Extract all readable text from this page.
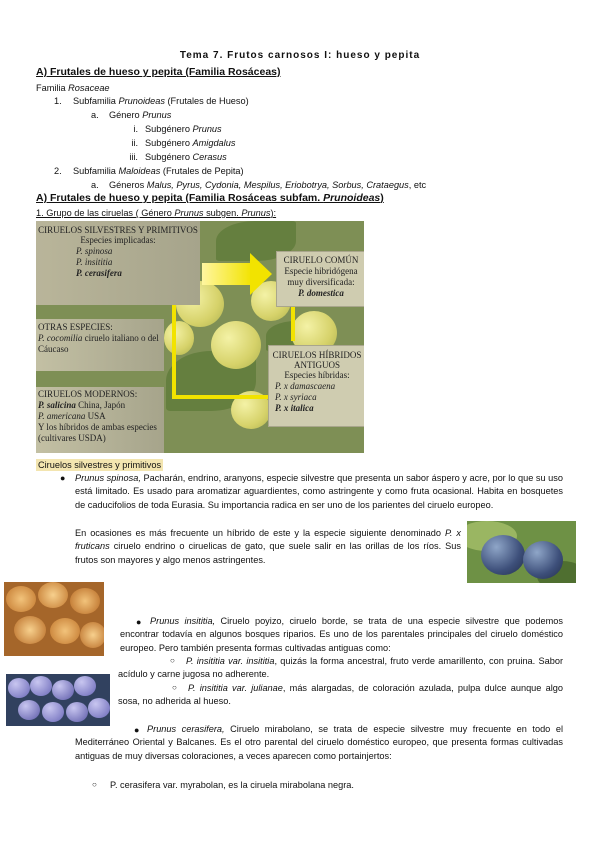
Tema 7. Frutos carnosos I: hueso y pepita
A) Frutales de hueso y pepita (Familia Rosáceas)
Familia Rosaceae
1. Subfamilia Prunoideas (Frutales de Hueso)
a. Género Prunus
i. Subgénero Prunus
ii. Subgénero Amigdalus
iii. Subgénero Cerasus
2. Subfamilia Maloideas (Frutales de Pepita)
a. Géneros Malus, Pyrus, Cydonia, Mespilus, Eriobotrya, Sorbus, Crataegus, etc
A) Frutales de hueso y pepita (Familia Rosáceas subfam. Prunoideas)
1. Grupo de las ciruelas ( Género Prunus subgen. Prunus):
CIRUELOS SILVESTRES Y PRIMITIVOS
Especies implicadas:
P. spinosa
P. insititia
P. cerasifera
CIRUELO COMÚN
Especie hibridógena muy diversificada:
P. domestica
OTRAS ESPECIES:
P. cocomilia ciruelo italiano o del Cáucaso
CIRUELOS MODERNOS:
P. salicina China, Japón
P. americana USA
Y los híbridos de ambas especies (cultivares USDA)
CIRUELOS HÍBRIDOS ANTIGUOS
Especies híbridas:
P. x damascaena
P. x syriaca
P. x italica
Ciruelos silvestres y primitivos
● Prunus spinosa, Pacharán, endrino, aranyons, especie silvestre que presenta un sabor áspero y acre, por lo que su uso está limitado. Es usado para aromatizar aguardientes, como astringente y como fruta ocasional. Habita en bosquetes de caducifolios de toda Eurasia. Su importancia radica en ser uno de los parientes del ciruelo europeo.
En ocasiones es más frecuente un híbrido de este y la especie siguiente denominado P. x fruticans ciruelo endrino o cirueli​cas de gato, que suele salir en las orillas de los ríos. Sus frutos son mayores y algo menos astringentes.
● Prunus insititia, Ciruelo poyizo, ciruelo borde, se trata de una especie silvestre que podemos encontrar todavía en algunos bosques riparios. Es uno de los parentales principales del ciruelo doméstico europeo. Pero también presenta formas cultivadas antiguas como:
○	P. insititia var. insititia, quizás la forma ancestral, fruto verde amarillento, con pruina. Sabor acídulo y carne jugosa no adherente.
○	P. insititia var. julianae, más alargadas, de coloración azulada, pulpa dulce aunque algo sosa, no adherida al hueso.
● Prunus cerasifera, Ciruelo mirabolano, se trata de especie silvestre muy frecuente en todo el Mediterráneo Oriental y Balcanes. Es el otro parental del ciruelo doméstico europeo, que presenta formas cultivadas antiguas de muy diversas coloraciones, a veces aparecen como portainjertos:
○ P. cerasifera var. myrabolan, es la ciruela mirabolana negra.
